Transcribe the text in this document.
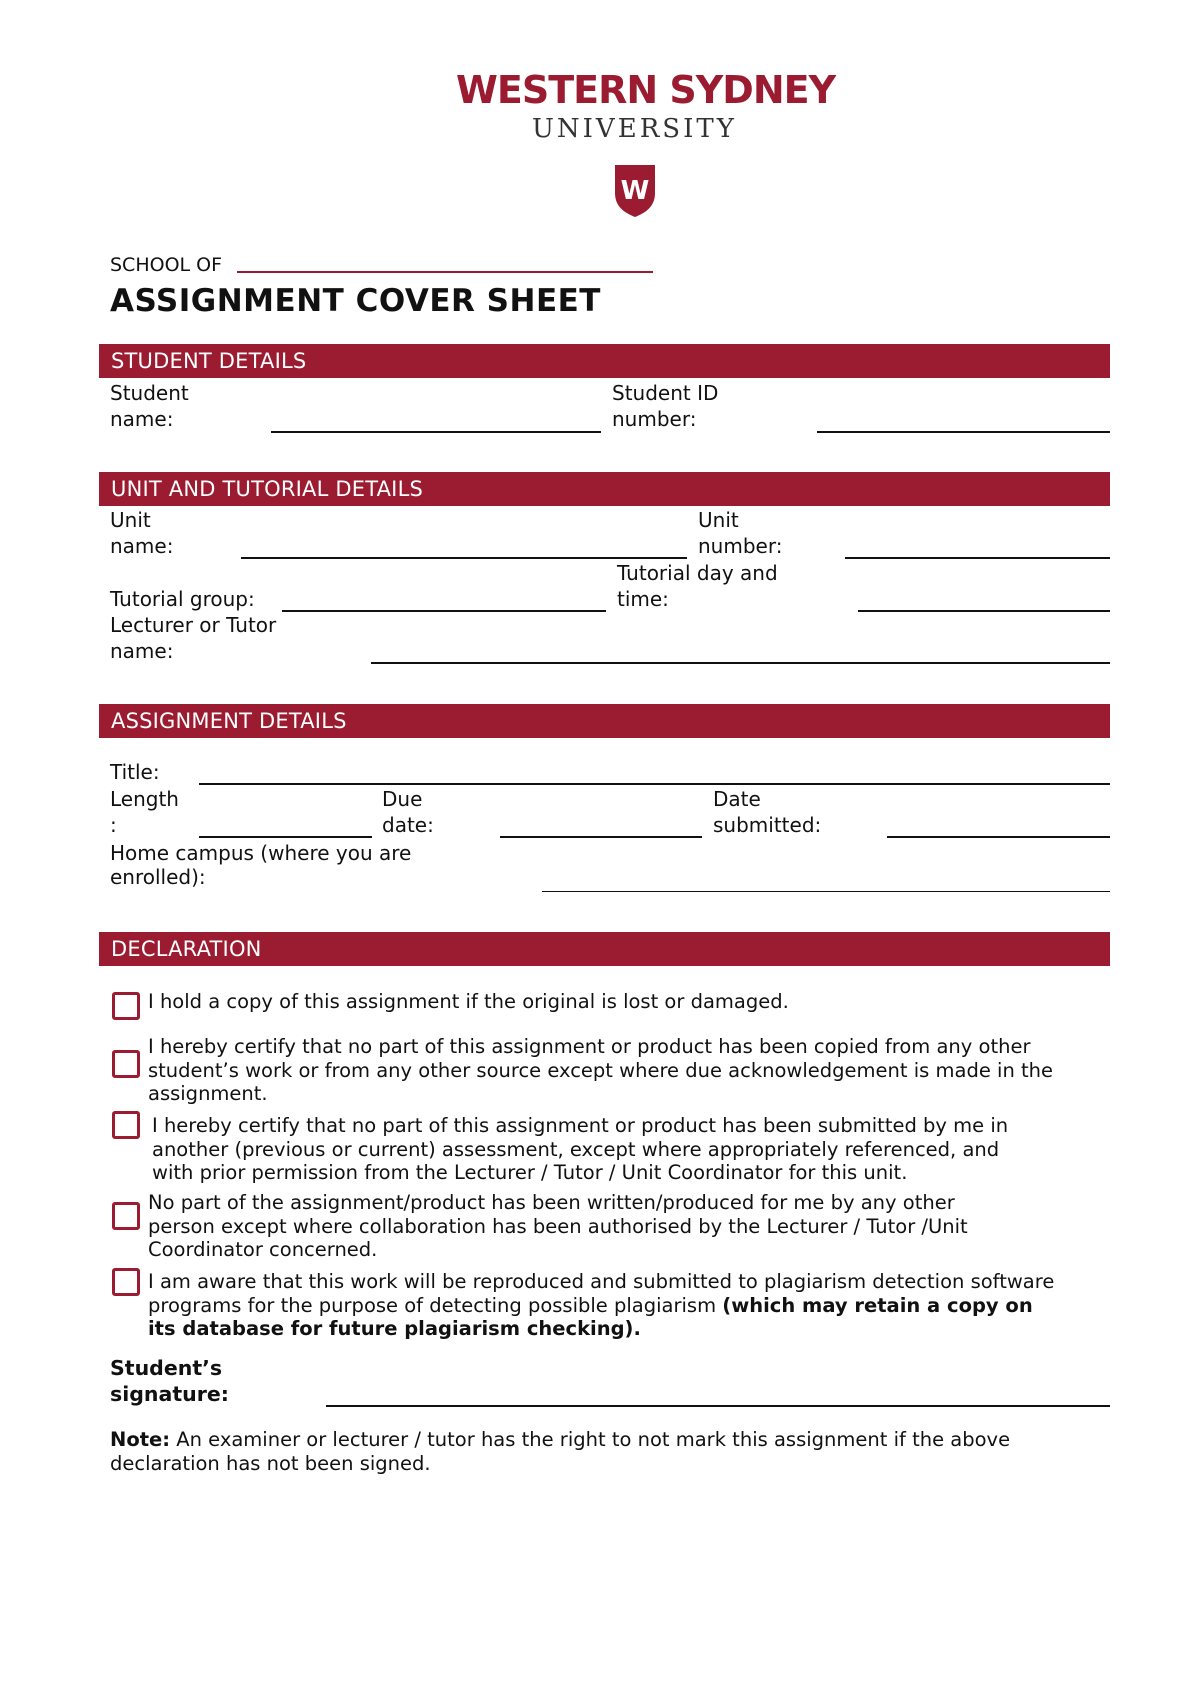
WESTERN SYDNEY
UNIVERSITY
W
SCHOOL OF
ASSIGNMENT COVER SHEET
STUDENT DETAILS
Student
name:
Student ID
number:
UNIT AND TUTORIAL DETAILS
Unit
name:
Unit
number:
Tutorial day and
time:
Tutorial group:
Lecturer or Tutor
name:
ASSIGNMENT DETAILS
Title:
Length
:
Due
date:
Date
submitted:
Home campus (where you are
enrolled):
DECLARATION
I hold a copy of this assignment if the original is lost or damaged.
I hereby certify that no part of this assignment or product has been copied from any other
student’s work or from any other source except where due acknowledgement is made in the
assignment.
I hereby certify that no part of this assignment or product has been submitted by me in
another (previous or current) assessment, except where appropriately referenced, and
with prior permission from the Lecturer / Tutor / Unit Coordinator for this unit.
No part of the assignment/product has been written/produced for me by any other
person except where collaboration has been authorised by the Lecturer / Tutor /Unit
Coordinator concerned.
I am aware that this work will be reproduced and submitted to plagiarism detection software
programs for the purpose of detecting possible plagiarism (which may retain a copy on
its database for future plagiarism checking).
Student’s
signature:
Note: An examiner or lecturer / tutor has the right to not mark this assignment if the above
declaration has not been signed.
